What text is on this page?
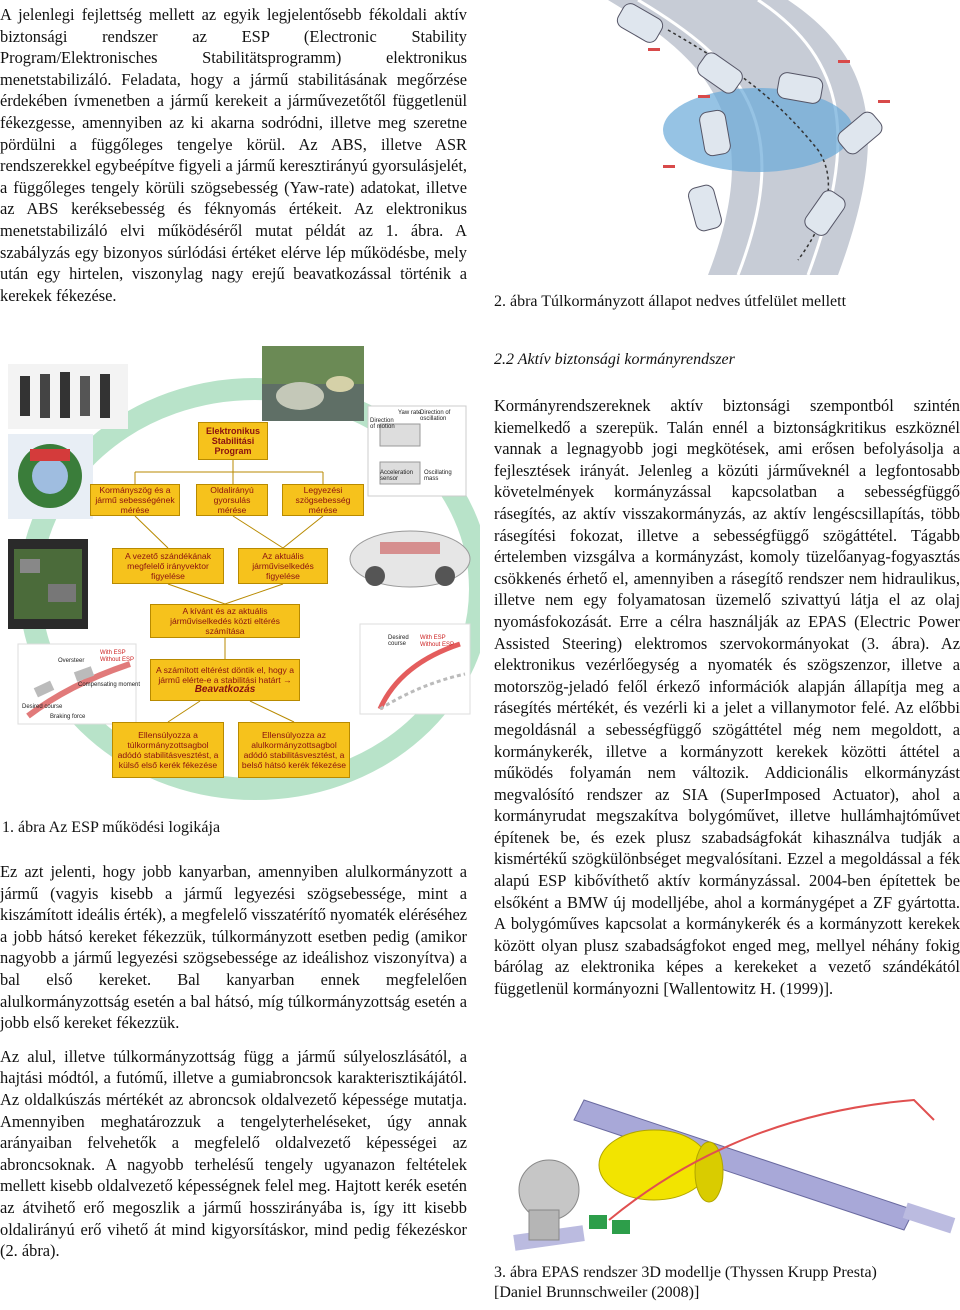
A jelenlegi fejlettség mellett az egyik legjelentősebb fékoldali aktív biztonsági rendszer az ESP (Electronic Stability Program/Elektronisches Stabilitätsprogramm) elektronikus menetstabilizáló. Feladata, hogy a jármű stabilitásának megőrzése érdekében ívmenetben a jármű kerekeit a járművezetőtől függetlenül fékezgesse, amennyiben az ki akarna sodródni, illetve meg szeretne pördülni a függőleges tengelye körül. Az ABS, illetve ASR rendszerekkel egybeépítve figyeli a jármű keresztirányú gyorsulásjelét, a függőleges tengely körüli szögsebesség (Yaw-rate) adatokat, illetve az ABS keréksebesség és féknyomás értékeit. Az elektronikus menetstabilizáló elvi működéséről mutat példát az 1. ábra. A szabályzás egy bizonyos súrlódási értéket elérve lép működésbe, mely után egy hirtelen, viszonylag nagy erejű beavatkozással történik a kerekek fékezése.

Oversteer
Compensating moment
Desired course
Braking force
Yaw rate
Direction of oscillation
Direction of motion
Acceleration sensor
Oscillating mass
With ESP
Without ESP
Desired course
With ESP
Without ESP
Elektronikus Stabilitási Program
Kormányszög és a jármű sebességének mérése
Oldalirányú gyorsulás mérése
Legyezési szögsebesség mérése
A vezető szándékának megfelelő irányvektor figyelése
Az aktuális járműviselkedés figyelése
A kívánt és az aktuális járműviselkedés közti eltérés számítása
A számított eltérést döntik el, hogy a jármű elérte-e a stabilitási határt →
Beavatkozás
Ellensúlyozza a túlkormányzottsagbol adódó stabilitásvesztést, a külső első kerék fékezése
Ellensúlyozza az alulkormányzottsagbol adódó stabilitásvesztést, a belső hátsó kerék fékezése

1. ábra Az ESP működési logikája

Ez azt jelenti, hogy jobb kanyarban, amennyiben alulkormányzott a jármű (vagyis kisebb a jármű legyezési szögsebessége, mint a kiszámított ideális érték), a megfelelő visszatérítő nyomaték eléréséhez a jobb hátsó kereket fékezzük, túlkormányzott esetben pedig (amikor nagyobb a jármű legyezési szögsebessége az ideálishoz viszonyítva) a bal első kereket. Bal kanyarban ennek megfelelően alulkormányzottság esetén a bal hátsó, míg túlkormányzottság esetén a jobb első kereket fékezzük.

Az alul, illetve túlkormányzottság függ a jármű súlyeloszlásától, a hajtási módtól, a futómű, illetve a gumiabroncsok karakterisztikájától. Az oldalkúszás mértékét az abroncsok oldalvezető képessége mutatja. Amennyiben meghatározzuk a tengelyterheléseket, úgy annak arányaiban felvehetők a megfelelő oldalvezető képességei az abroncsoknak. A nagyobb terhelésű tengely ugyanazon feltételek mellett kisebb oldalvezető képességnek felel meg. Hajtott kerék esetén az átvihető erő megoszlik a jármű hosszirányába is, így itt kisebb oldalirányú erő vihető át mind kigyorsításkor, mind pedig fékezéskor (2. ábra).

2. ábra Túlkormányzott állapot nedves útfelület mellett

2.2 Aktív biztonsági kormányrendszer

Kormányrendszereknek aktív biztonsági szempontból szintén kiemelkedő a szerepük. Talán ennél a biztonságkritikus eszköznél vannak a legnagyobb jogi megkötések, ami erősen befolyásolja a fejlesztések irányát. Jelenleg a közúti járműveknél a legfontosabb követelmények kormányzással kapcsolatban a sebességfüggő rásegítés, az aktív visszakormányzás, az aktív lengéscsillapítás, több rásegítési fokozat, illetve a sebességfüggő szögáttétel. Tágabb értelemben vizsgálva a kormányzást, komoly tüzelőanyag-fogyasztás csökkenés érhető el, amennyiben a rásegítő rendszer nem hidraulikus, illetve nem egy folyamatosan üzemelő szivattyú látja el az olaj nyomásfokozását. Erre a célra használják az EPAS (Electric Power Assisted Steering) elektromos szervokormányokat (3. ábra). Az elektronikus vezérlőegység a nyomaték és szögszenzor, illetve a motorszög-jeladó felől érkező információk alapján állapítja meg a rásegítés mértékét, és vezérli ki a jelet a villanymotor felé. Az előbbi megoldásnál a sebességfüggő szögáttétel még nem megoldott, a kormánykerék, illetve a kormányzott kerekek közötti áttétel a működés folyamán nem változik. Addicionális elkormányzást megvalósító rendszer az SIA (SuperImposed Actuator), ahol a kormányrudat megszakítva bolygóművet, illetve hullámhajtóművet építenek be, és ezek plusz szabadságfokát kihasználva tudják a kismértékű szögkülönbséget megvalósítani. Ezzel a megoldással a fék alapú ESP kibővíthető aktív kormányzással. 2004-ben építettek be elsőként a BMW új modelljébe, ahol a kormánygépet a ZF gyártotta. A bolygóműves kapcsolat a kormánykerék és a kormányzott kerekek között olyan plusz szabadságfokot enged meg, mellyel néhány fokig bárólag az elektronika képes a kerekeket a vezető szándékától függetlenül kormányozni [Wallentowitz H. (1999)].

3. ábra EPAS rendszer 3D modellje (Thyssen Krupp Presta)

[Daniel Brunnschweiler (2008)]
